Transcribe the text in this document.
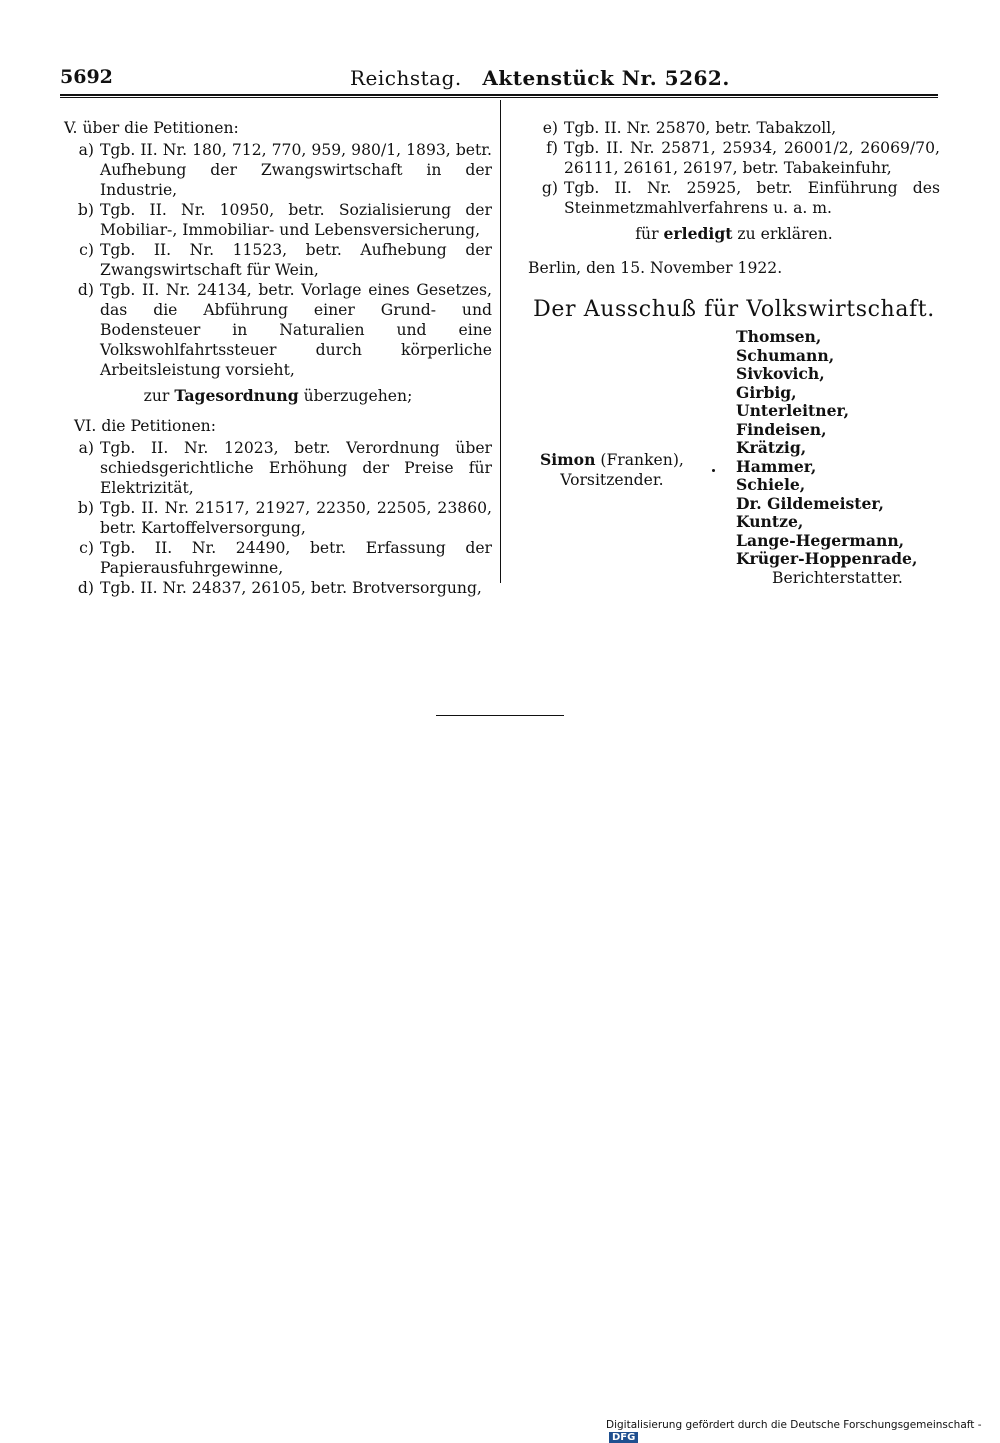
5692	Reichstag. Aktenstück Nr. 5262.

V. über die Petitionen:

a) Tgb. II. Nr. 180, 712, 770, 959, 980/1, 1893, betr. Aufhebung der Zwangswirtschaft in der Industrie,
b) Tgb. II. Nr. 10950, betr. Sozialisierung der Mobiliar-, Immobiliar- und Lebensversicherung,
c) Tgb. II. Nr. 11523, betr. Aufhebung der Zwangswirtschaft für Wein,
d) Tgb. II. Nr. 24134, betr. Vorlage eines Gesetzes, das die Abführung einer Grund- und Bodensteuer in Naturalien und eine Volkswohlfahrtssteuer durch körperliche Arbeitsleistung vorsieht,

zur Tagesordnung überzugehen;

VI. die Petitionen:

a) Tgb. II. Nr. 12023, betr. Verordnung über schiedsgerichtliche Erhöhung der Preise für Elektrizität,
b) Tgb. II. Nr. 21517, 21927, 22350, 22505, 23860, betr. Kartoffelversorgung,
c) Tgb. II. Nr. 24490, betr. Erfassung der Papierausfuhrgewinne,
d) Tgb. II. Nr. 24837, 26105, betr. Brotversorgung,
e) Tgb. II. Nr. 25870, betr. Tabakzoll,
f) Tgb. II. Nr. 25871, 25934, 26001/2, 26069/70, 26111, 26161, 26197, betr. Tabakeinfuhr,
g) Tgb. II. Nr. 25925, betr. Einführung des Steinmetzmahlverfahrens u. a. m.

für erledigt zu erklären.

Berlin, den 15. November 1922.
Der Ausschuß für Volkswirtschaft.
Thomsen,
Schumann,
Sivkovich,
Girbig,
Unterleitner,
Findeisen,
Krätzig,
Hammer,
Schiele,
Dr. Gildemeister,
Kuntze,
Lange-Hegermann,
Krüger-Hoppenrade,
Simon (Franken),
Vorsitzender.
Berichterstatter.
Digitalisierung gefördert durch die Deutsche Forschungsgemeinschaft - DFG
